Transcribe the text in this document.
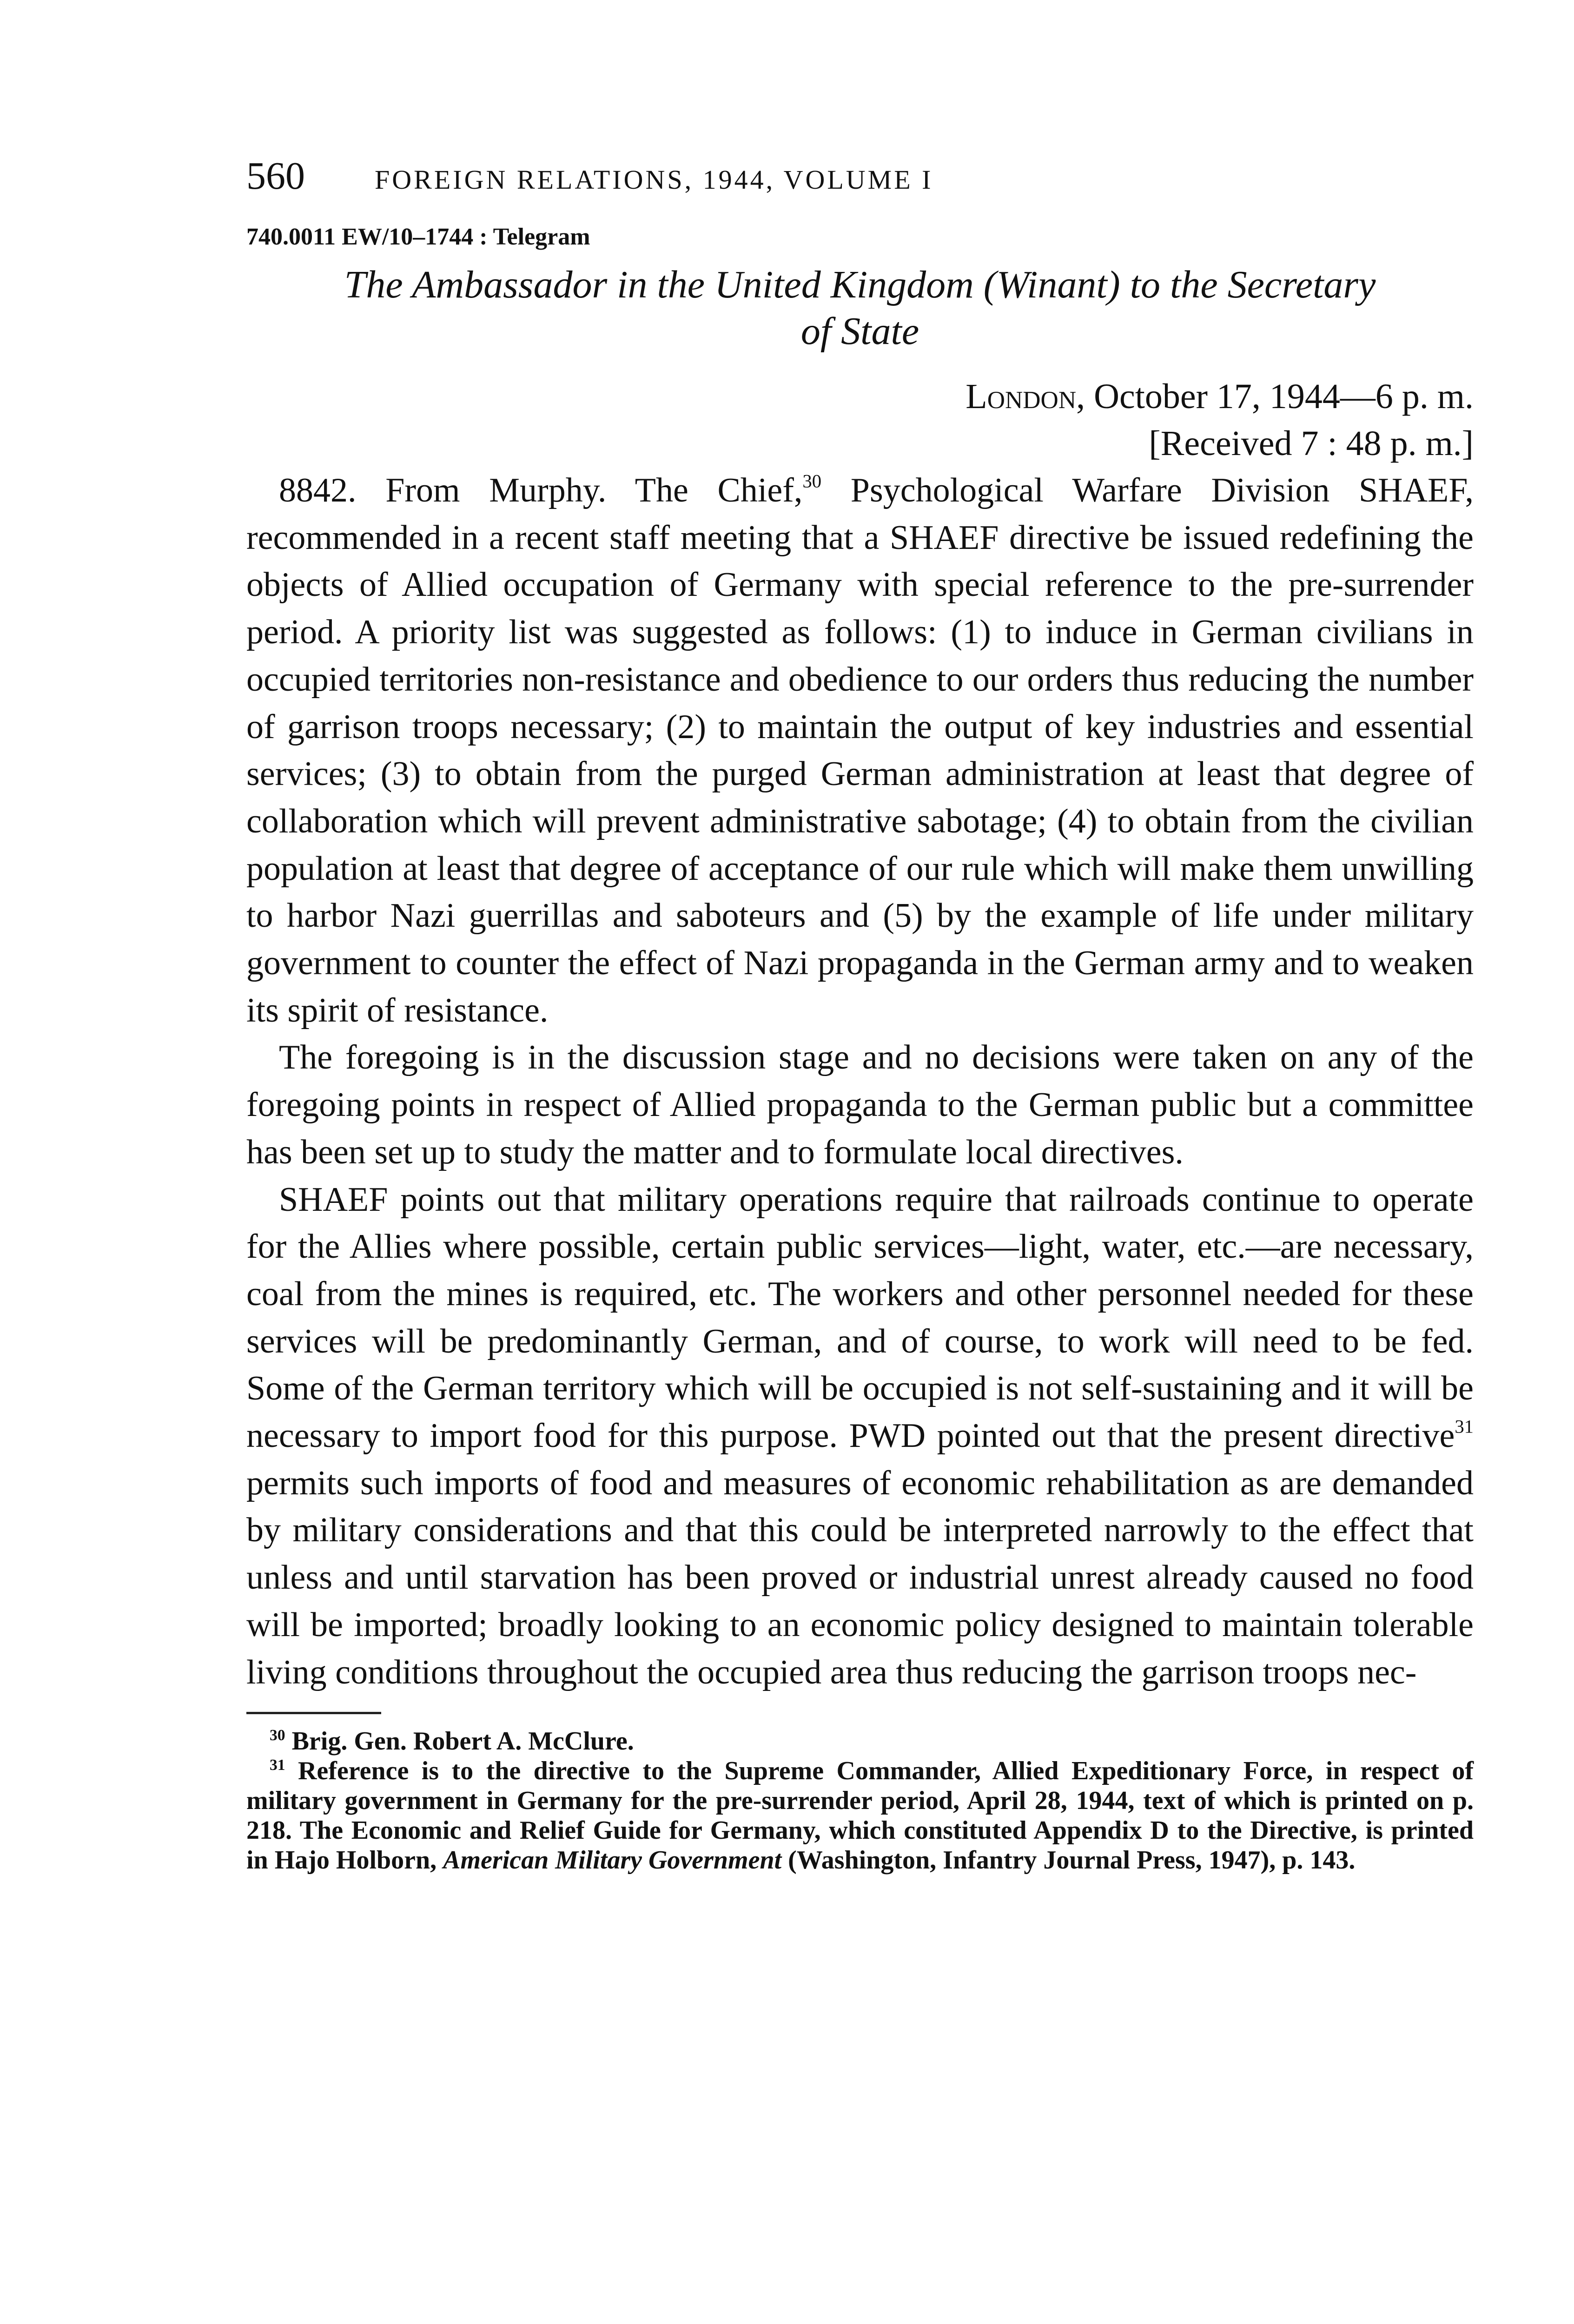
560	FOREIGN RELATIONS, 1944, VOLUME I
740.0011 EW/10–1744 : Telegram
The Ambassador in the United Kingdom (Winant) to the Secretary
of State
London, October 17, 1944—6 p. m.
[Received 7 : 48 p. m.]

8842. From Murphy. The Chief,$^{30}$ Psychological Warfare Division SHAEF, recommended in a recent staff meeting that a SHAEF directive be issued redefining the objects of Allied occupation of Germany with special reference to the pre-surrender period. A priority list was suggested as follows: (1) to induce in German civilians in occupied territories non-resistance and obedience to our orders thus reducing the number of garrison troops necessary; (2) to maintain the output of key industries and essential services; (3) to obtain from the purged German administration at least that degree of collaboration which will prevent administrative sabotage; (4) to obtain from the civilian population at least that degree of acceptance of our rule which will make them unwilling to harbor Nazi guerrillas and saboteurs and (5) by the example of life under military government to counter the effect of Nazi propaganda in the German army and to weaken its spirit of resistance.

The foregoing is in the discussion stage and no decisions were taken on any of the foregoing points in respect of Allied propaganda to the German public but a committee has been set up to study the matter and to formulate local directives.

SHAEF points out that military operations require that railroads continue to operate for the Allies where possible, certain public services—light, water, etc.—are necessary, coal from the mines is required, etc. The workers and other personnel needed for these services will be predominantly German, and of course, to work will need to be fed. Some of the German territory which will be occupied is not self-sustaining and it will be necessary to import food for this purpose. PWD pointed out that the present directive$^{31}$ permits such imports of food and measures of economic rehabilitation as are demanded by military considerations and that this could be interpreted narrowly to the effect that unless and until starvation has been proved or industrial unrest already caused no food will be imported; broadly looking to an economic policy designed to maintain tolerable living conditions throughout the occupied area thus reducing the garrison troops nec-

$^{30}$ Brig. Gen. Robert A. McClure.

$^{31}$ Reference is to the directive to the Supreme Commander, Allied Expeditionary Force, in respect of military government in Germany for the pre-surrender period, April 28, 1944, text of which is printed on p. 218. The Economic and Relief Guide for Germany, which constituted Appendix D to the Directive, is printed in Hajo Holborn, American Military Government (Washington, Infantry Journal Press, 1947), p. 143.
